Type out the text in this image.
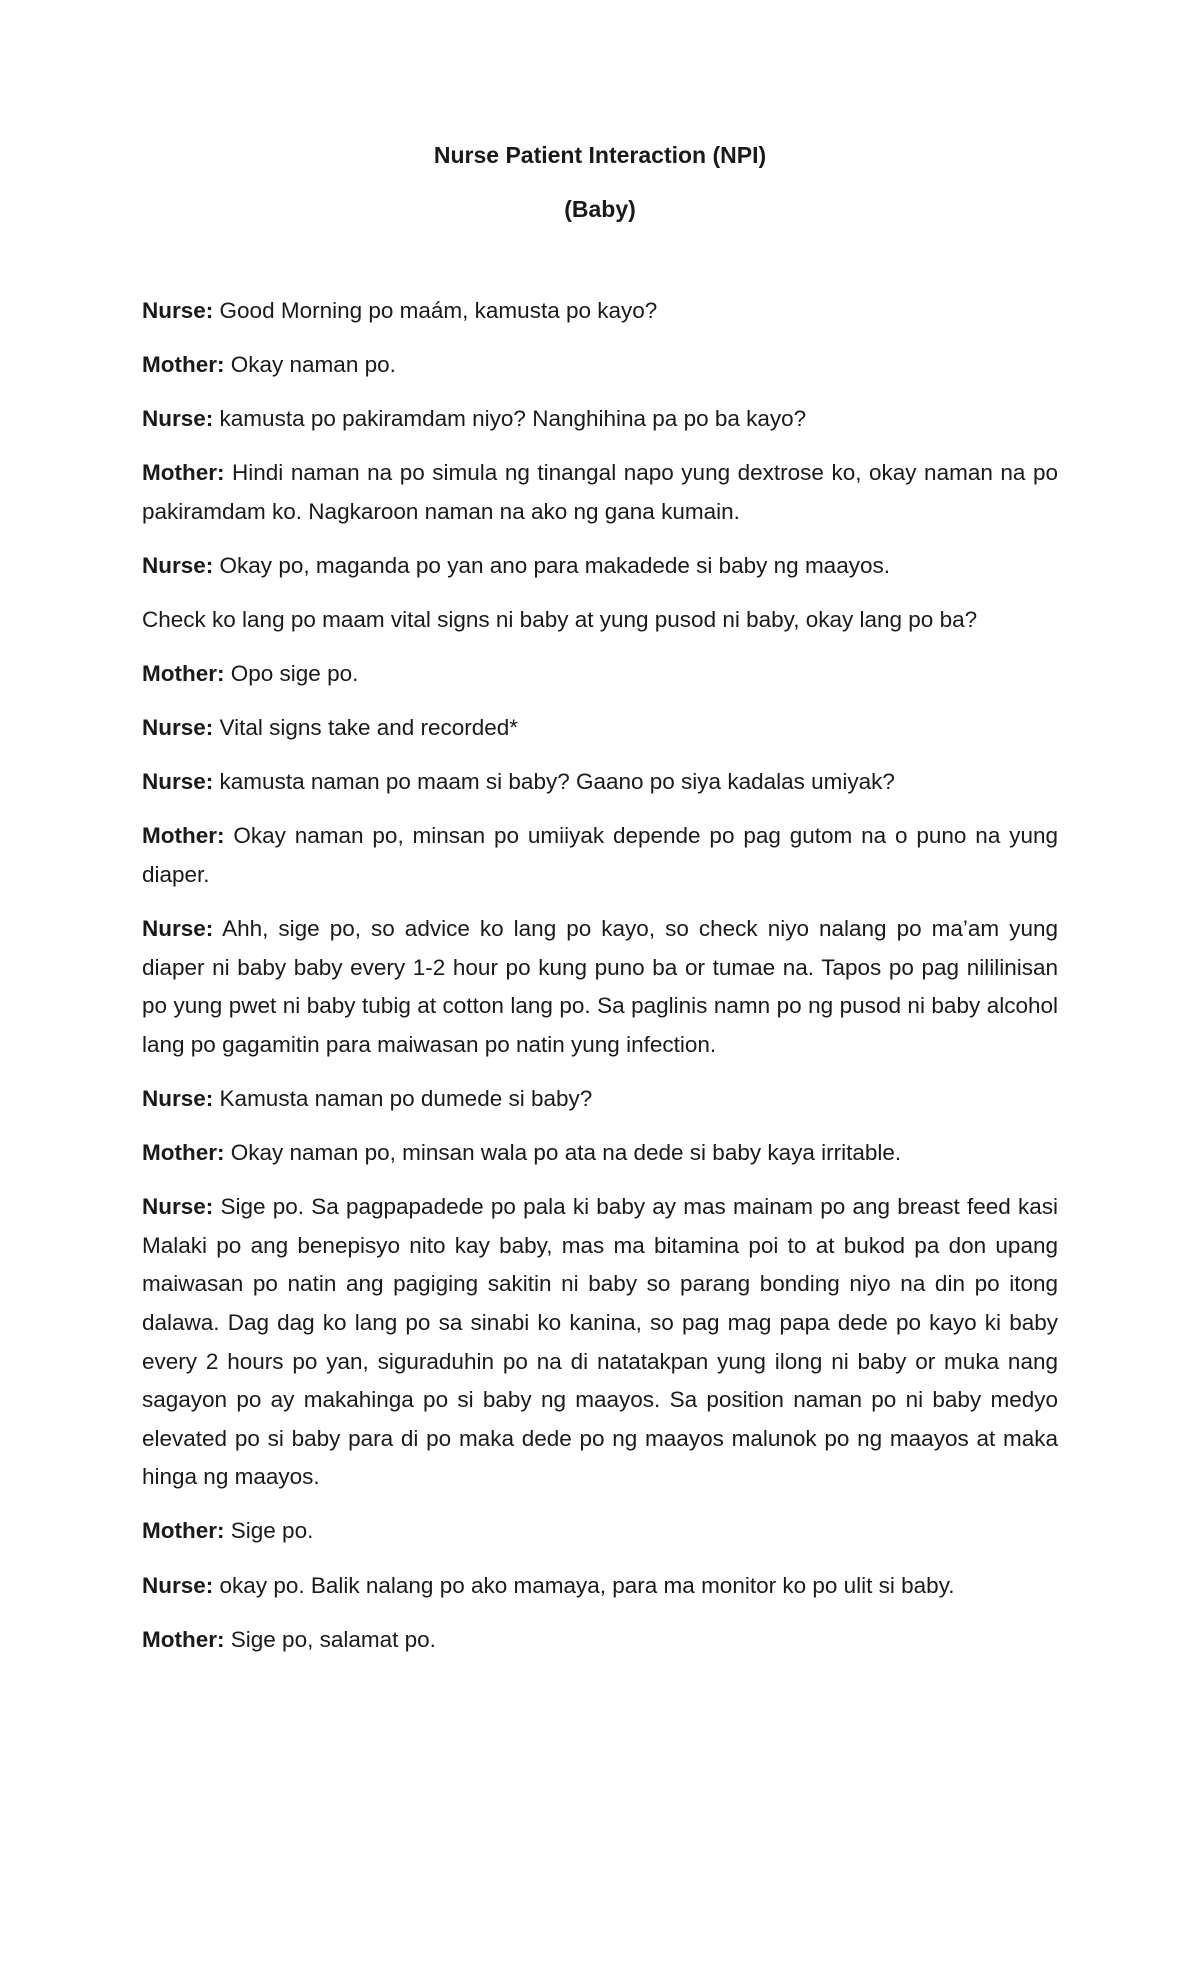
Nurse Patient Interaction (NPI)
(Baby)

Nurse: Good Morning po maám, kamusta po kayo?

Mother: Okay naman po.

Nurse: kamusta po pakiramdam niyo? Nanghihina pa po ba kayo?

Mother: Hindi naman na po simula ng tinangal napo yung dextrose ko, okay naman na po pakiramdam ko. Nagkaroon naman na ako ng gana kumain.

Nurse: Okay po, maganda po yan ano para makadede si baby ng maayos.

Check ko lang po maam vital signs ni baby at yung pusod ni baby, okay lang po ba?

Mother: Opo sige po.

Nurse: Vital signs take and recorded*

Nurse: kamusta naman po maam si baby? Gaano po siya kadalas umiyak?

Mother: Okay naman po, minsan po umiiyak depende po pag gutom na o puno na yung diaper.

Nurse: Ahh, sige po, so advice ko lang po kayo, so check niyo nalang po ma’am yung diaper ni baby baby every 1-2 hour po kung puno ba or tumae na. Tapos po pag nililinisan po yung pwet ni baby tubig at cotton lang po. Sa paglinis namn po ng pusod ni baby alcohol lang po gagamitin para maiwasan po natin yung infection.

Nurse: Kamusta naman po dumede si baby?

Mother: Okay naman po, minsan wala po ata na dede si baby kaya irritable.

Nurse: Sige po. Sa pagpapadede po pala ki baby ay mas mainam po ang breast feed kasi Malaki po ang benepisyo nito kay baby, mas ma bitamina poi to at bukod pa don upang maiwasan po natin ang pagiging sakitin ni baby so parang bonding niyo na din po itong dalawa. Dag dag ko lang po sa sinabi ko kanina, so pag mag papa dede po kayo ki baby every 2 hours po yan, siguraduhin po na di natatakpan yung ilong ni baby or muka nang sagayon po ay makahinga po si baby ng maayos. Sa position naman po ni baby medyo elevated po si baby para di po maka dede po ng maayos malunok po ng maayos at maka hinga ng maayos.

Mother: Sige po.

Nurse: okay po. Balik nalang po ako mamaya, para ma monitor ko po ulit si baby.

Mother: Sige po, salamat po.
